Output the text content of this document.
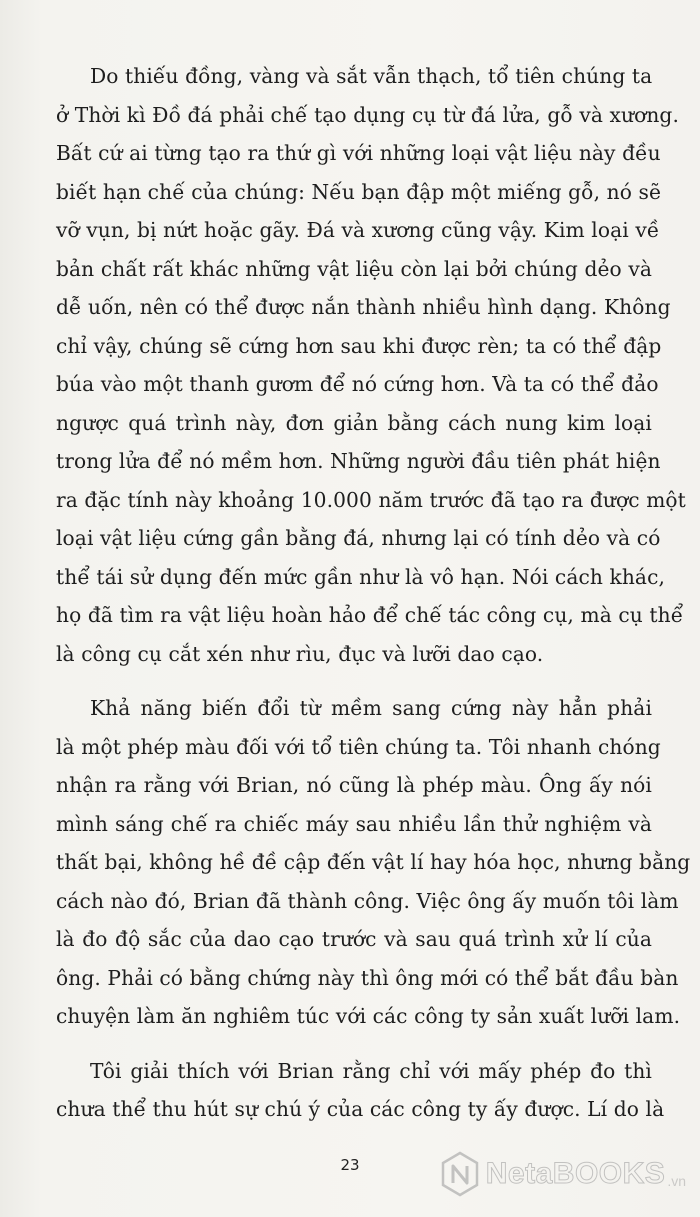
Do thiếu đồng, vàng và sắt vẫn thạch, tổ tiên chúng ta
ở Thời kì Đồ đá phải chế tạo dụng cụ từ đá lửa, gỗ và xương.
Bất cứ ai từng tạo ra thứ gì với những loại vật liệu này đều
biết hạn chế của chúng: Nếu bạn đập một miếng gỗ, nó sẽ
vỡ vụn, bị nứt hoặc gãy. Đá và xương cũng vậy. Kim loại về
bản chất rất khác những vật liệu còn lại bởi chúng dẻo và
dễ uốn, nên có thể được nắn thành nhiều hình dạng. Không
chỉ vậy, chúng sẽ cứng hơn sau khi được rèn; ta có thể đập
búa vào một thanh gươm để nó cứng hơn. Và ta có thể đảo
ngược quá trình này, đơn giản bằng cách nung kim loại
trong lửa để nó mềm hơn. Những người đầu tiên phát hiện
ra đặc tính này khoảng 10.000 năm trước đã tạo ra được một
loại vật liệu cứng gần bằng đá, nhưng lại có tính dẻo và có
thể tái sử dụng đến mức gần như là vô hạn. Nói cách khác,
họ đã tìm ra vật liệu hoàn hảo để chế tác công cụ, mà cụ thể
là công cụ cắt xén như rìu, đục và lưỡi dao cạo.
Khả năng biến đổi từ mềm sang cứng này hẳn phải
là một phép màu đối với tổ tiên chúng ta. Tôi nhanh chóng
nhận ra rằng với Brian, nó cũng là phép màu. Ông ấy nói
mình sáng chế ra chiếc máy sau nhiều lần thử nghiệm và
thất bại, không hề đề cập đến vật lí hay hóa học, nhưng bằng
cách nào đó, Brian đã thành công. Việc ông ấy muốn tôi làm
là đo độ sắc của dao cạo trước và sau quá trình xử lí của
ông. Phải có bằng chứng này thì ông mới có thể bắt đầu bàn
chuyện làm ăn nghiêm túc với các công ty sản xuất lưỡi lam.
Tôi giải thích với Brian rằng chỉ với mấy phép đo thì
chưa thể thu hút sự chú ý của các công ty ấy được. Lí do là
23	NetaBOOKS .vn
